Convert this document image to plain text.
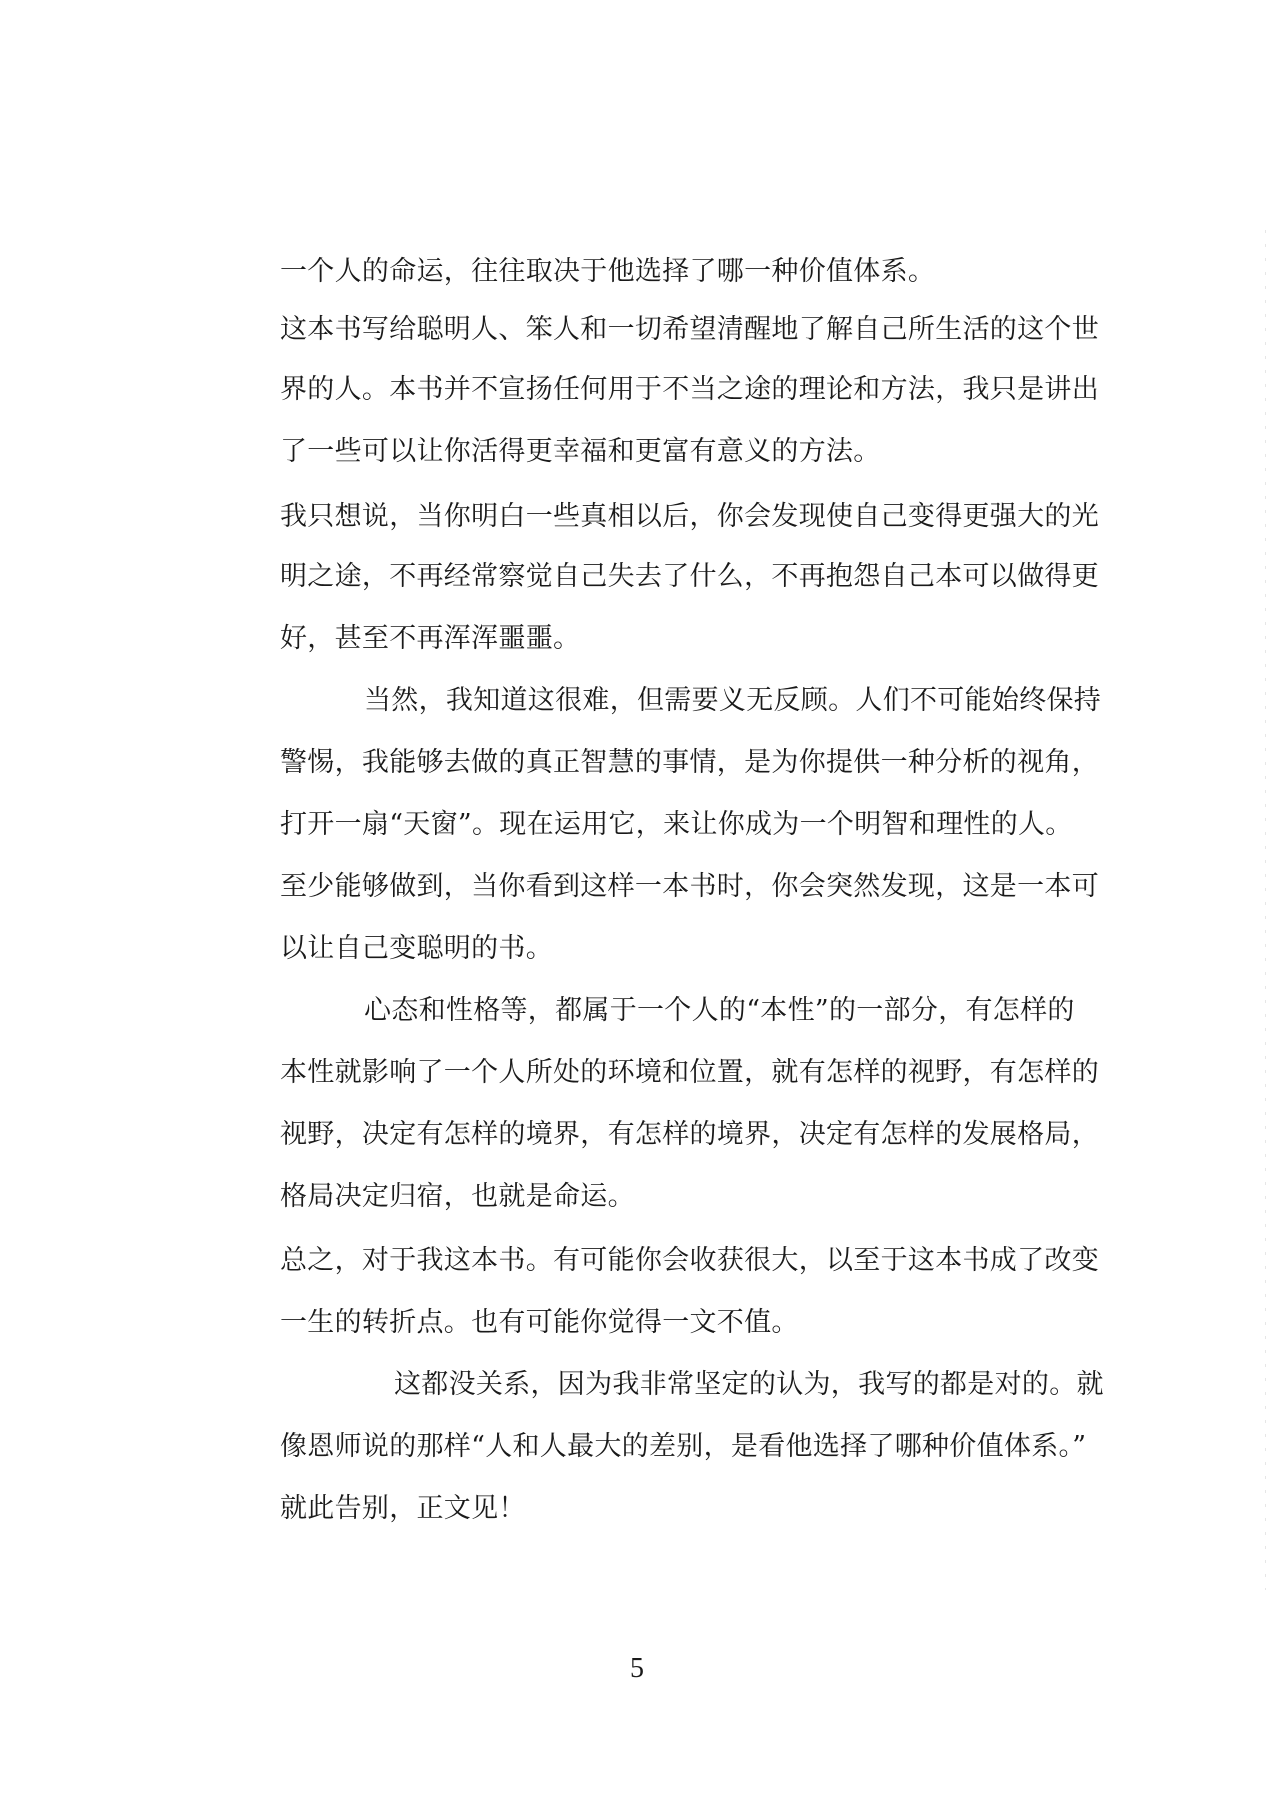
一个人的命运，往往取决于他选择了哪一种价值体系。
这本书写给聪明人、笨人和一切希望清醒地了解自己所生活的这个世
界的人。本书并不宣扬任何用于不当之途的理论和方法，我只是讲出
了一些可以让你活得更幸福和更富有意义的方法。
我只想说，当你明白一些真相以后，你会发现使自己变得更强大的光
明之途，不再经常察觉自己失去了什么，不再抱怨自己本可以做得更
好，甚至不再浑浑噩噩。
当然，我知道这很难，但需要义无反顾。人们不可能始终保持
警惕，我能够去做的真正智慧的事情，是为你提供一种分析的视角，
打开一扇“天窗”。现在运用它，来让你成为一个明智和理性的人。
至少能够做到，当你看到这样一本书时，你会突然发现，这是一本可
以让自己变聪明的书。
心态和性格等，都属于一个人的“本性”的一部分，有怎样的
本性就影响了一个人所处的环境和位置，就有怎样的视野，有怎样的
视野，决定有怎样的境界，有怎样的境界，决定有怎样的发展格局，
格局决定归宿，也就是命运。
总之，对于我这本书。有可能你会收获很大，以至于这本书成了改变
一生的转折点。也有可能你觉得一文不值。
这都没关系，因为我非常坚定的认为，我写的都是对的。就
像恩师说的那样“人和人最大的差别，是看他选择了哪种价值体系。”
就此告别，正文见！
5
